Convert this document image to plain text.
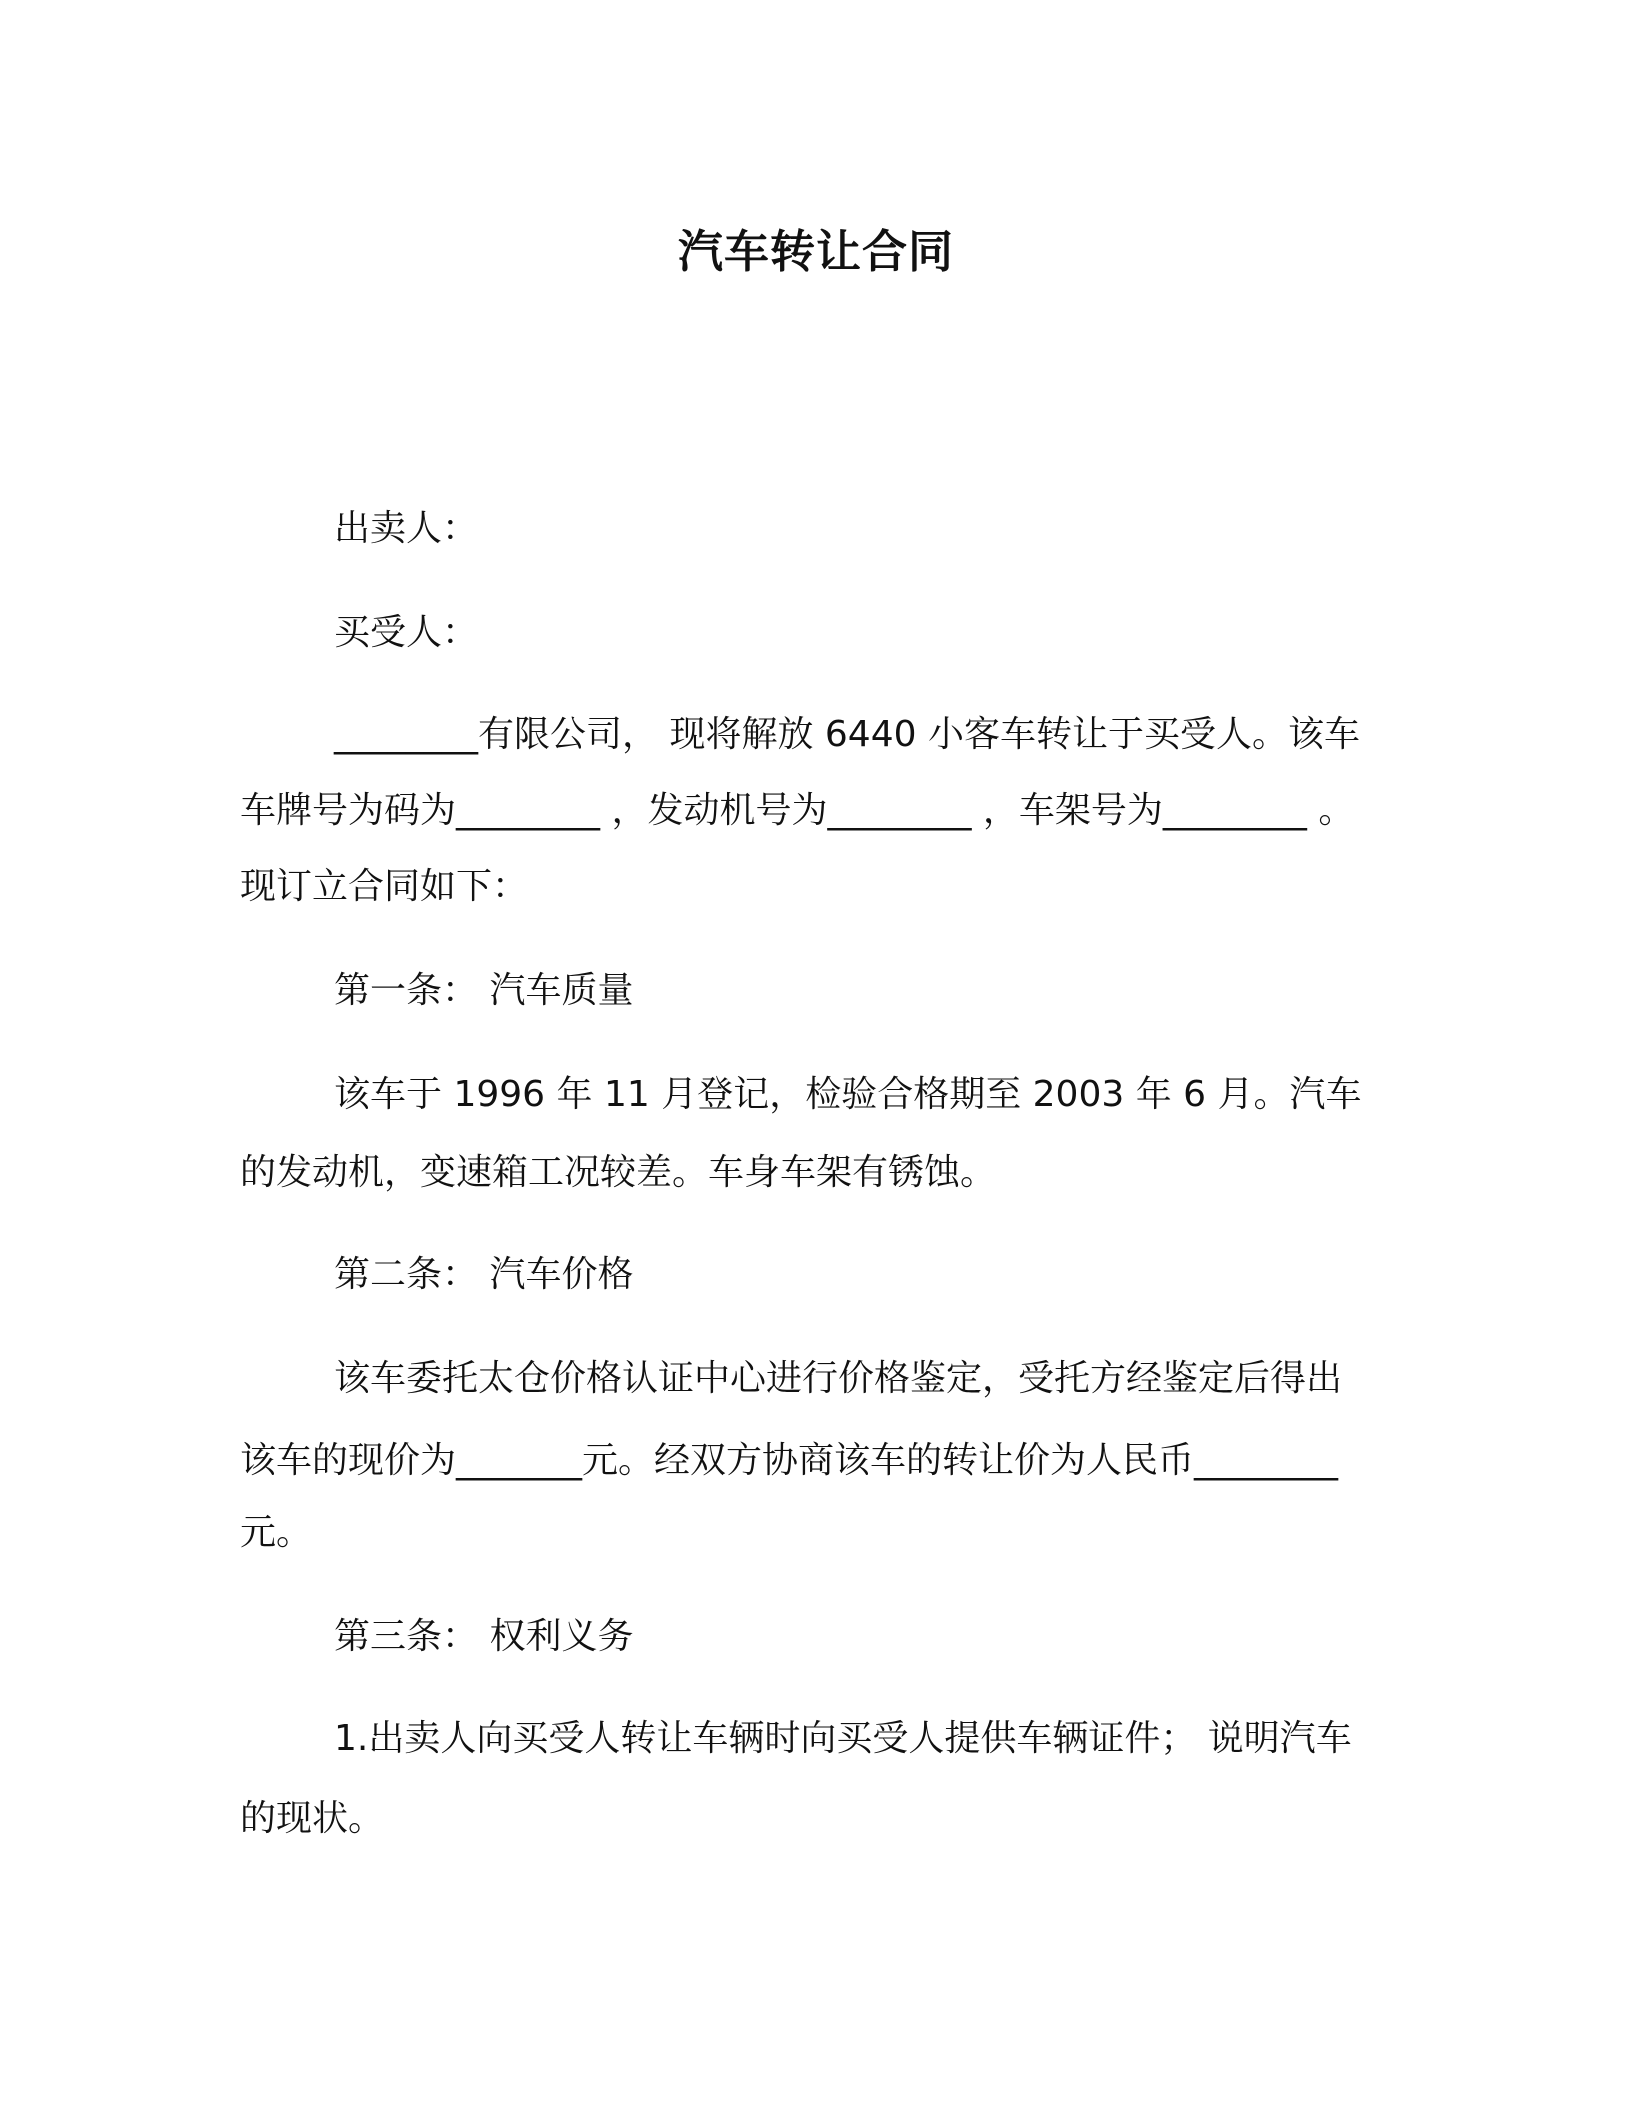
汽车转让合同

出卖人：

买受人：

________有限公司， 现将解放 6440 小客车转让于买受人。该车

车牌号为码为________ ，发动机号为________ ，车架号为________ 。

现订立合同如下：

第一条： 汽车质量

该车于 1996 年 11 月登记，检验合格期至 2003 年 6 月。汽车

的发动机，变速箱工况较差。车身车架有锈蚀。

第二条： 汽车价格

该车委托太仓价格认证中心进行价格鉴定，受托方经鉴定后得出

该车的现价为_______元。经双方协商该车的转让价为人民币________

元。

第三条： 权利义务

1.出卖人向买受人转让车辆时向买受人提供车辆证件； 说明汽车

的现状。
